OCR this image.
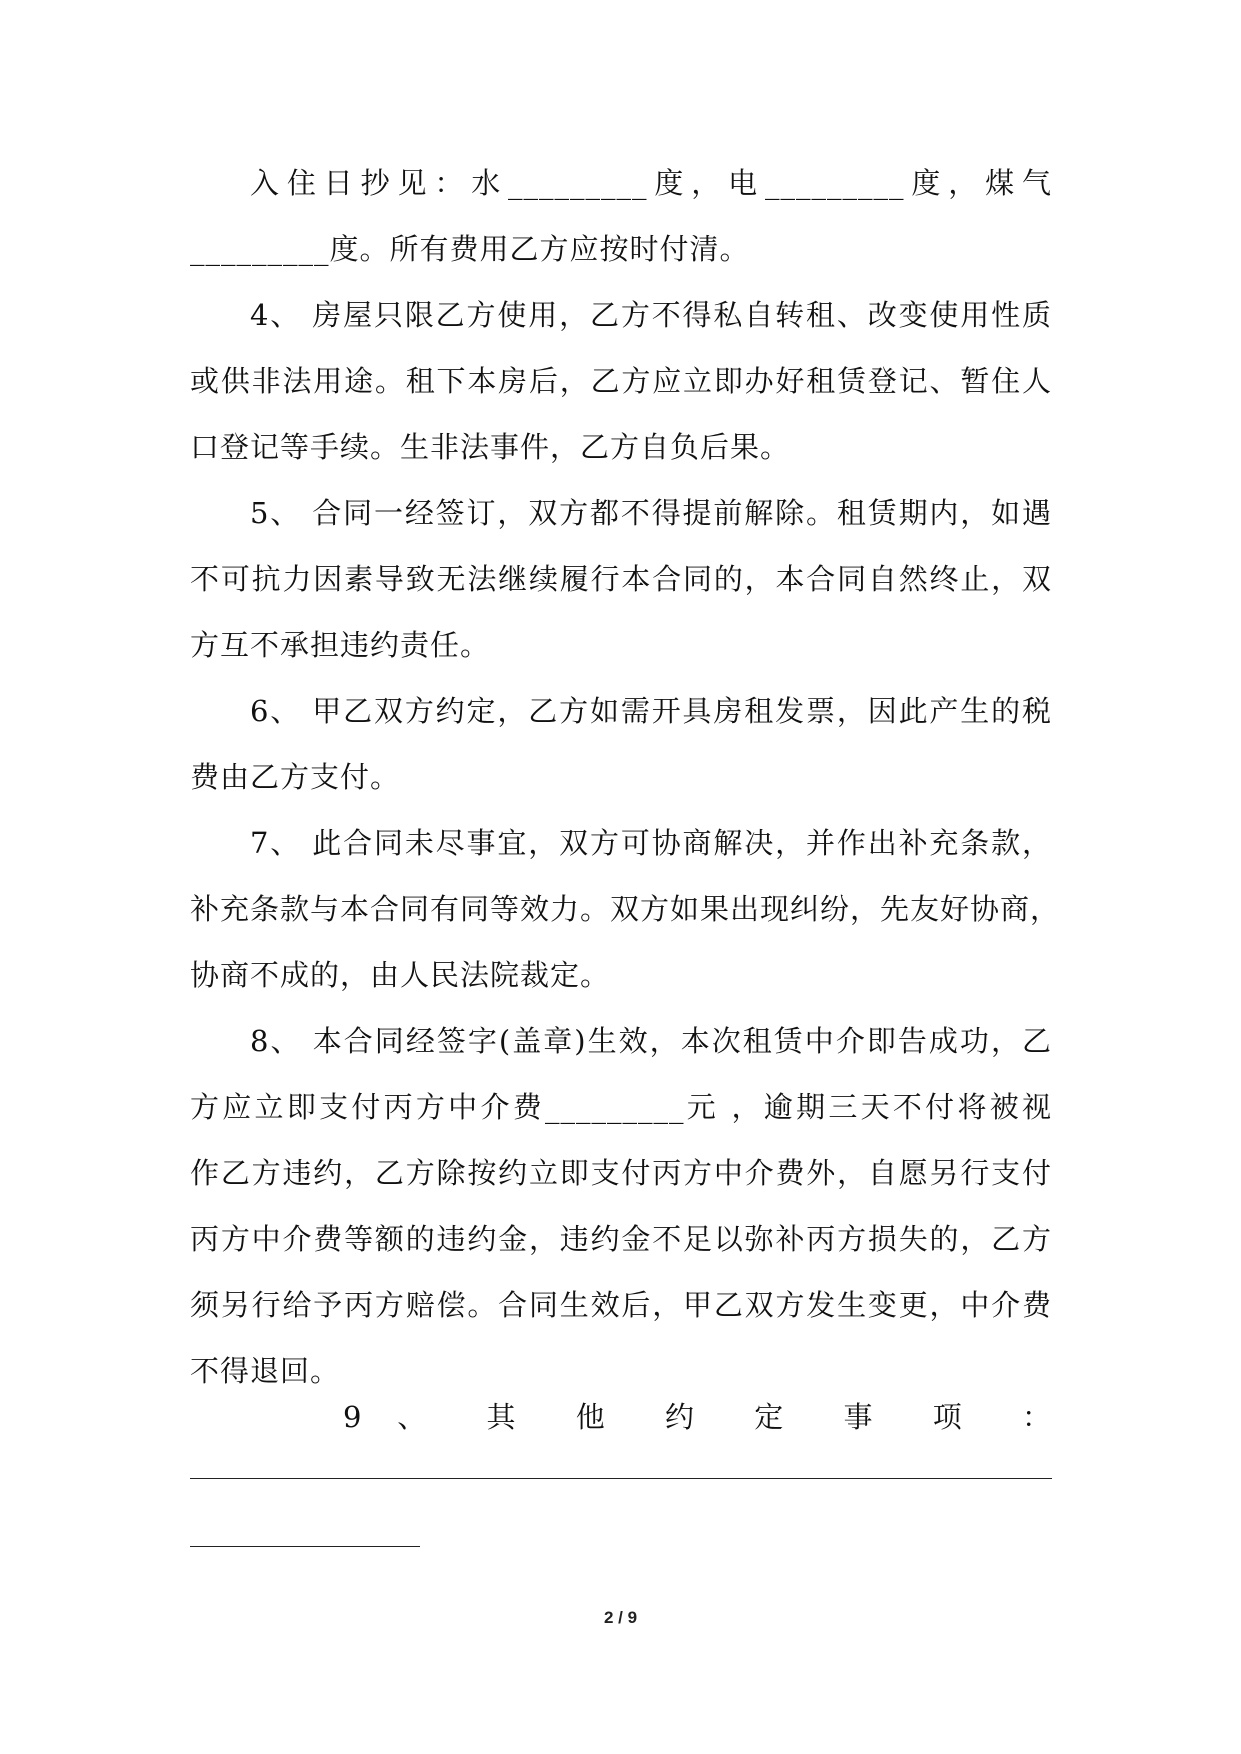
入住日抄见：水_________度，电_________度，煤气
_________度。所有费用乙方应按时付清。
4、 房屋只限乙方使用，乙方不得私自转租、改变使用性质
或供非法用途。租下本房后，乙方应立即办好租赁登记、暂住人
口登记等手续。生非法事件，乙方自负后果。
5、 合同一经签订，双方都不得提前解除。租赁期内，如遇
不可抗力因素导致无法继续履行本合同的，本合同自然终止，双
方互不承担违约责任。
6、 甲乙双方约定，乙方如需开具房租发票，因此产生的税
费由乙方支付。
7、 此合同未尽事宜，双方可协商解决，并作出补充条款，
补充条款与本合同有同等效力。双方如果出现纠纷，先友好协商，
协商不成的，由人民法院裁定。
8、 本合同经签字(盖章)生效，本次租赁中介即告成功，乙
方应立即支付丙方中介费_________元 ，逾期三天不付将被视
作乙方违约，乙方除按约立即支付丙方中介费外，自愿另行支付
丙方中介费等额的违约金，违约金不足以弥补丙方损失的，乙方
须另行给予丙方赔偿。合同生效后，甲乙双方发生变更，中介费
不得退回。
9 、 其 他 约 定 事 项 ：
2 / 9
